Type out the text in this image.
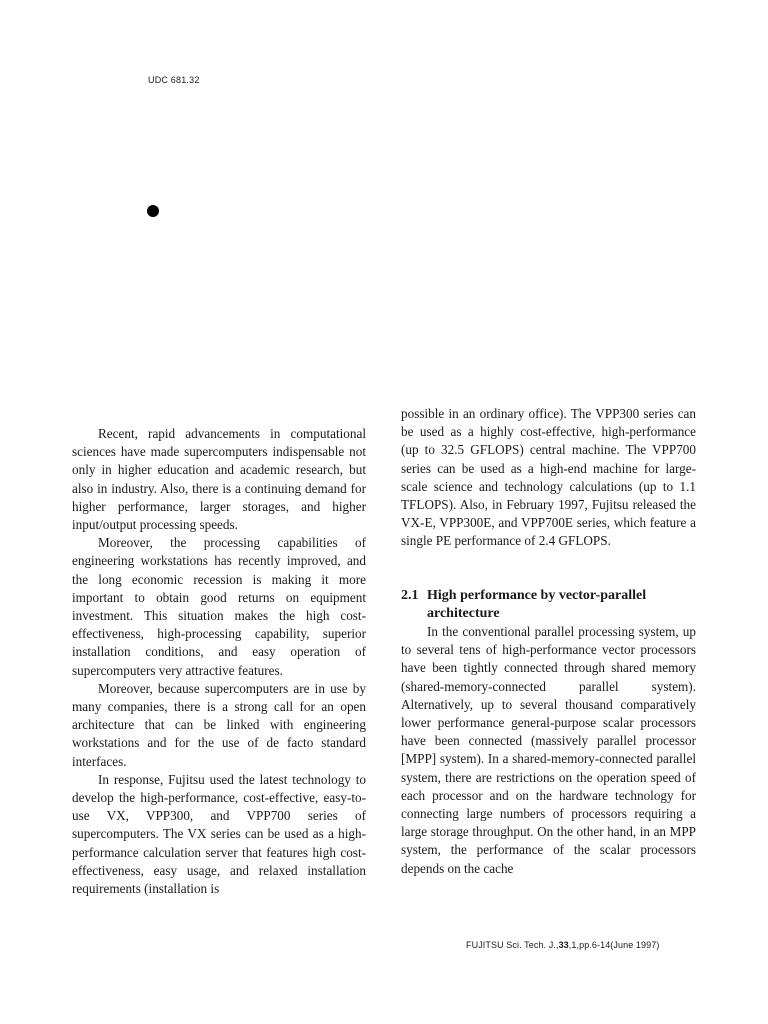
UDC 681.32

Recent, rapid advancements in computational sciences have made supercomputers indispensable not only in higher education and academic research, but also in industry. Also, there is a continuing demand for higher performance, larger storages, and higher input/output processing speeds.

Moreover, the processing capabilities of engineering workstations has recently improved, and the long economic recession is making it more important to obtain good returns on equipment investment. This situation makes the high cost-effectiveness, high-processing capability, superior installation conditions, and easy operation of supercomputers very attractive features.

Moreover, because supercomputers are in use by many companies, there is a strong call for an open architecture that can be linked with engineering workstations and for the use of de facto standard interfaces.

In response, Fujitsu used the latest technology to develop the high-performance, cost-effective, easy-to-use VX, VPP300, and VPP700 series of supercomputers. The VX series can be used as a high-performance calculation server that features high cost-effectiveness, easy usage, and relaxed installation requirements (installation is

possible in an ordinary office). The VPP300 series can be used as a highly cost-effective, high-performance (up to 32.5 GFLOPS) central machine. The VPP700 series can be used as a high-end machine for large-scale science and technology calculations (up to 1.1 TFLOPS). Also, in February 1997, Fujitsu released the VX-E, VPP300E, and VPP700E series, which feature a single PE performance of 2.4 GFLOPS.

2.1 High performance by vector-parallel architecture

In the conventional parallel processing system, up to several tens of high-performance vector processors have been tightly connected through shared memory (shared-memory-connected parallel system). Alternatively, up to several thousand comparatively lower performance general-purpose scalar processors have been connected (massively parallel processor [MPP] system). In a shared-memory-connected parallel system, there are restrictions on the operation speed of each processor and on the hardware technology for connecting large numbers of processors requiring a large storage throughput. On the other hand, in an MPP system, the performance of the scalar processors depends on the cache

FUJITSU Sci. Tech. J.,33,1,pp.6-14(June 1997)
